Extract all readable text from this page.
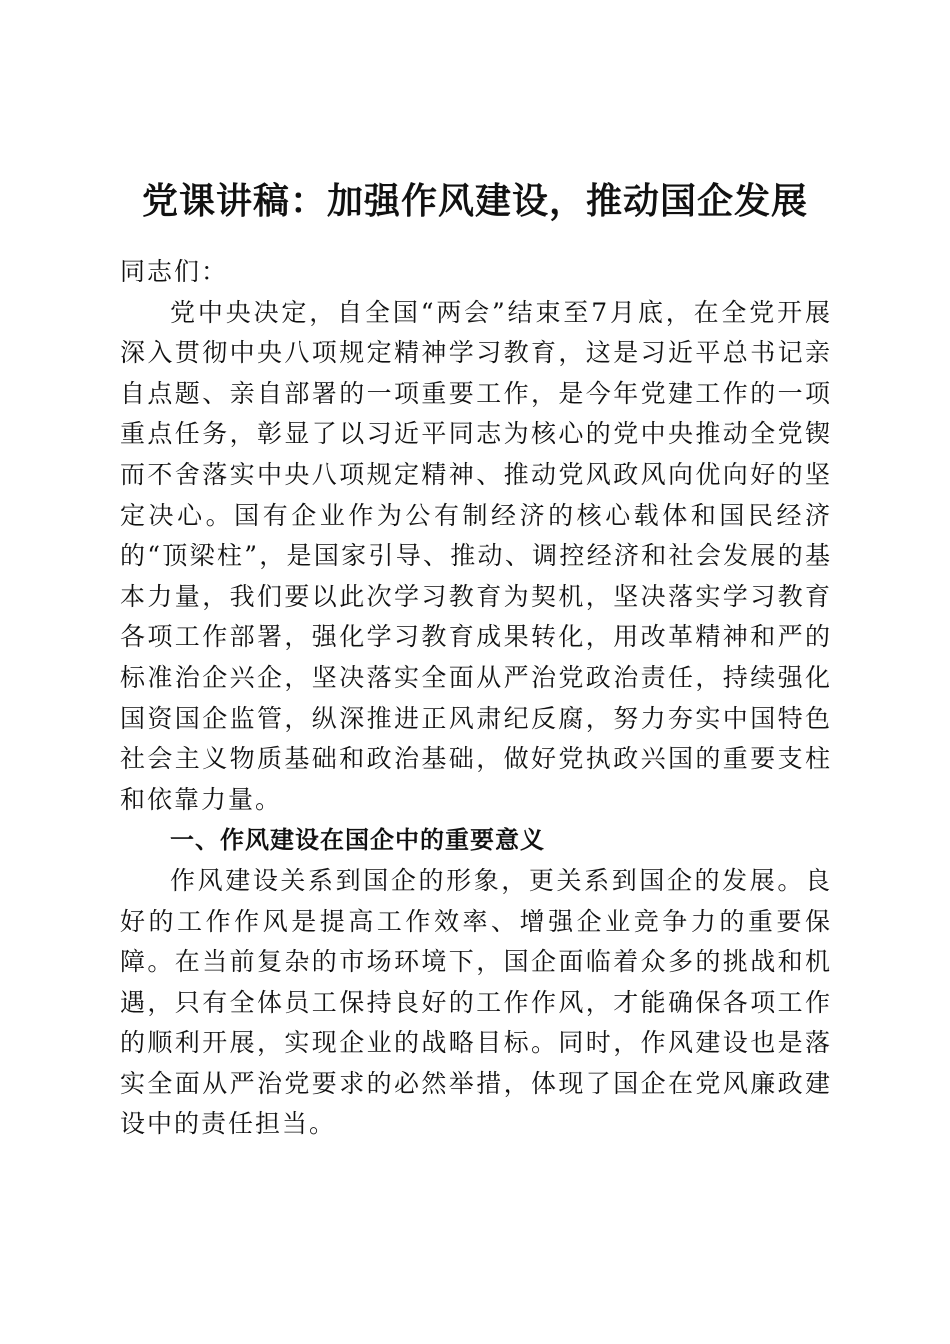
党课讲稿：加强作风建设，推动国企发展

同志们：

党中央决定，自全国“两会”结束至7月底，在全党开展深入贯彻中央八项规定精神学习教育，这是习近平总书记亲自点题、亲自部署的一项重要工作，是今年党建工作的一项重点任务，彰显了以习近平同志为核心的党中央推动全党锲而不舍落实中央八项规定精神、推动党风政风向优向好的坚定决心。国有企业作为公有制经济的核心载体和国民经济的“顶梁柱”，是国家引导、推动、调控经济和社会发展的基本力量，我们要以此次学习教育为契机，坚决落实学习教育各项工作部署，强化学习教育成果转化，用改革精神和严的标准治企兴企，坚决落实全面从严治党政治责任，持续强化国资国企监管，纵深推进正风肃纪反腐，努力夯实中国特色社会主义物质基础和政治基础，做好党执政兴国的重要支柱和依靠力量。

一、作风建设在国企中的重要意义

作风建设关系到国企的形象，更关系到国企的发展。良好的工作作风是提高工作效率、增强企业竞争力的重要保障。在当前复杂的市场环境下，国企面临着众多的挑战和机遇，只有全体员工保持良好的工作作风，才能确保各项工作的顺利开展，实现企业的战略目标。同时，作风建设也是落实全面从严治党要求的必然举措，体现了国企在党风廉政建设中的责任担当。
